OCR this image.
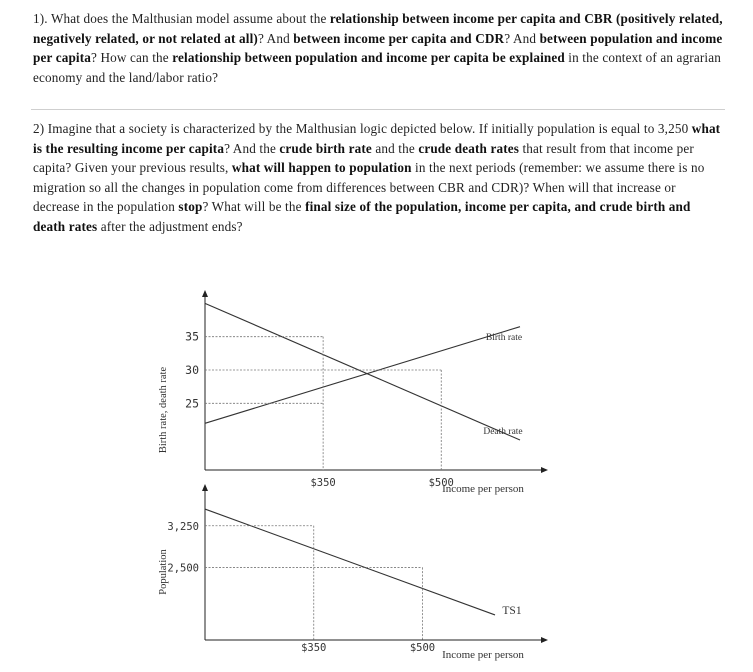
1). What does the Malthusian model assume about the relationship between income per capita and CBR (positively related, negatively related, or not related at all)? And between income per capita and CDR? And between population and income per capita? How can the relationship between population and income per capita be explained in the context of an agrarian economy and the land/labor ratio?
2) Imagine that a society is characterized by the Malthusian logic depicted below. If initially population is equal to 3,250 what is the resulting income per capita? And the crude birth rate and the crude death rates that result from that income per capita? Given your previous results, what will happen to population in the next periods (remember: we assume there is no migration so all the changes in population come from differences between CBR and CDR)? When will that increase or decrease in the population stop? What will be the final size of the population, income per capita, and crude birth and death rates after the adjustment ends?
35
30
25
$350	$500
Income per person
Birth rate, death rate
Birth rate
Death rate
3,250
2,500
$350	$500
Income per person
Population
TS1
